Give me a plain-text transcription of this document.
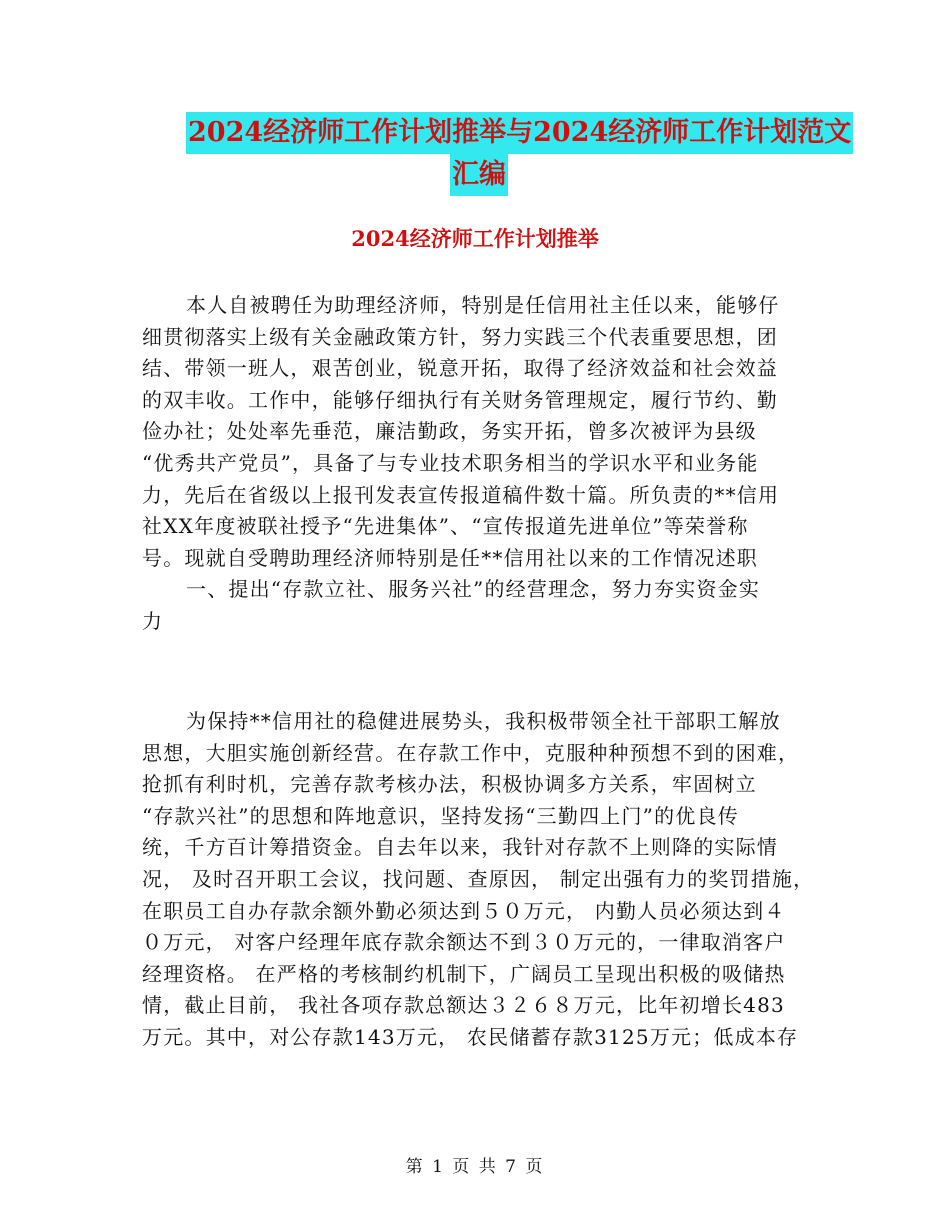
2024经济师工作计划推举与2024经济师工作计划范文
汇编
2024经济师工作计划推举
本人自被聘任为助理经济师，特别是任信用社主任以来，能够仔
细贯彻落实上级有关金融政策方针，努力实践三个代表重要思想，团
结、带领一班人，艰苦创业，锐意开拓，取得了经济效益和社会效益
的双丰收。工作中，能够仔细执行有关财务管理规定，履行节约、勤
俭办社；处处率先垂范，廉洁勤政，务实开拓，曾多次被评为县级
“优秀共产党员”，具备了与专业技术职务相当的学识水平和业务能
力，先后在省级以上报刊发表宣传报道稿件数十篇。所负责的**信用
社XX年度被联社授予“先进集体”、“宣传报道先进单位”等荣誉称
号。现就自受聘助理经济师特别是任**信用社以来的工作情况述职
一、提出“存款立社、服务兴社”的经营理念，努力夯实资金实
力
为保持**信用社的稳健进展势头，我积极带领全社干部职工解放
思想，大胆实施创新经营。在存款工作中，克服种种预想不到的困难，
抢抓有利时机，完善存款考核办法，积极协调多方关系，牢固树立
“存款兴社”的思想和阵地意识，坚持发扬“三勤四上门”的优良传
统，千方百计筹措资金。自去年以来，我针对存款不上则降的实际情
况， 及时召开职工会议，找问题、查原因， 制定出强有力的奖罚措施，
在职员工自办存款余额外勤必须达到５０万元， 内勤人员必须达到４
０万元， 对客户经理年底存款余额达不到３０万元的，一律取消客户
经理资格。 在严格的考核制约机制下，广阔员工呈现出积极的吸储热
情，截止目前， 我社各项存款总额达３２６８万元，比年初增长483
万元。其中，对公存款143万元， 农民储蓄存款3125万元；低成本存
第 1 页 共 7 页
